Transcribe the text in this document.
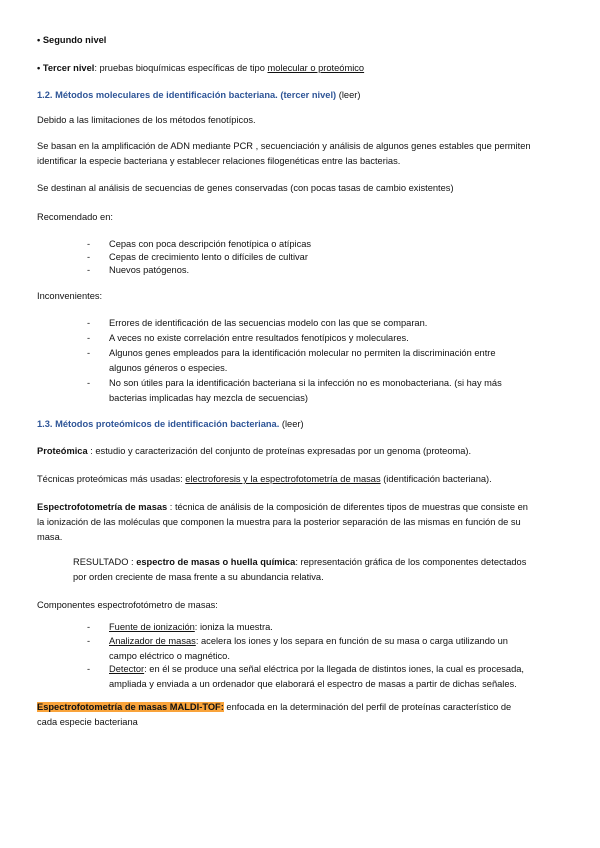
• Segundo nivel
• Tercer nivel: pruebas bioquímicas específicas de tipo molecular o proteómico
1.2. Métodos moleculares de identificación bacteriana. (tercer nivel) (leer)
Debido a las limitaciones de los métodos fenotípicos.
Se basan en la amplificación de ADN mediante PCR , secuenciación y análisis de algunos genes estables que permiten
identificar la especie bacteriana y establecer relaciones filogenéticas entre las bacterias.
Se destinan al análisis de secuencias de genes conservadas (con pocas tasas de cambio existentes)
Recomendado en:
- Cepas con poca descripción fenotípica o atípicas
- Cepas de crecimiento lento o difíciles de cultivar
- Nuevos patógenos.
Inconvenientes:
- Errores de identificación de las secuencias modelo con las que se comparan.
- A veces no existe correlación entre resultados fenotípicos y moleculares.
- Algunos genes empleados para la identificación molecular no permiten la discriminación entre
algunos géneros o especies.
- No son útiles para la identificación bacteriana si la infección no es monobacteriana. (si hay más
bacterias implicadas hay mezcla de secuencias)
1.3. Métodos proteómicos de identificación bacteriana. (leer)
Proteómica : estudio y caracterización del conjunto de proteínas expresadas por un genoma (proteoma).
Técnicas proteómicas más usadas: electroforesis y la espectrofotometría de masas (identificación bacteriana).
Espectrofotometría de masas : técnica de análisis de la composición de diferentes tipos de muestras que consiste en
la ionización de las moléculas que componen la muestra para la posterior separación de las mismas en función de su
masa.
RESULTADO : espectro de masas o huella química: representación gráfica de los componentes detectados
por orden creciente de masa frente a su abundancia relativa.
Componentes espectrofotómetro de masas:
- Fuente de ionización: ioniza la muestra.
- Analizador de masas: acelera los iones y los separa en función de su masa o carga utilizando un
campo eléctrico o magnético.
- Detector: en él se produce una señal eléctrica por la llegada de distintos iones, la cual es procesada,
ampliada y enviada a un ordenador que elaborará el espectro de masas a partir de dichas señales.
Espectrofotometría de masas MALDI-TOF: enfocada en la determinación del perfil de proteínas característico de
cada especie bacteriana
